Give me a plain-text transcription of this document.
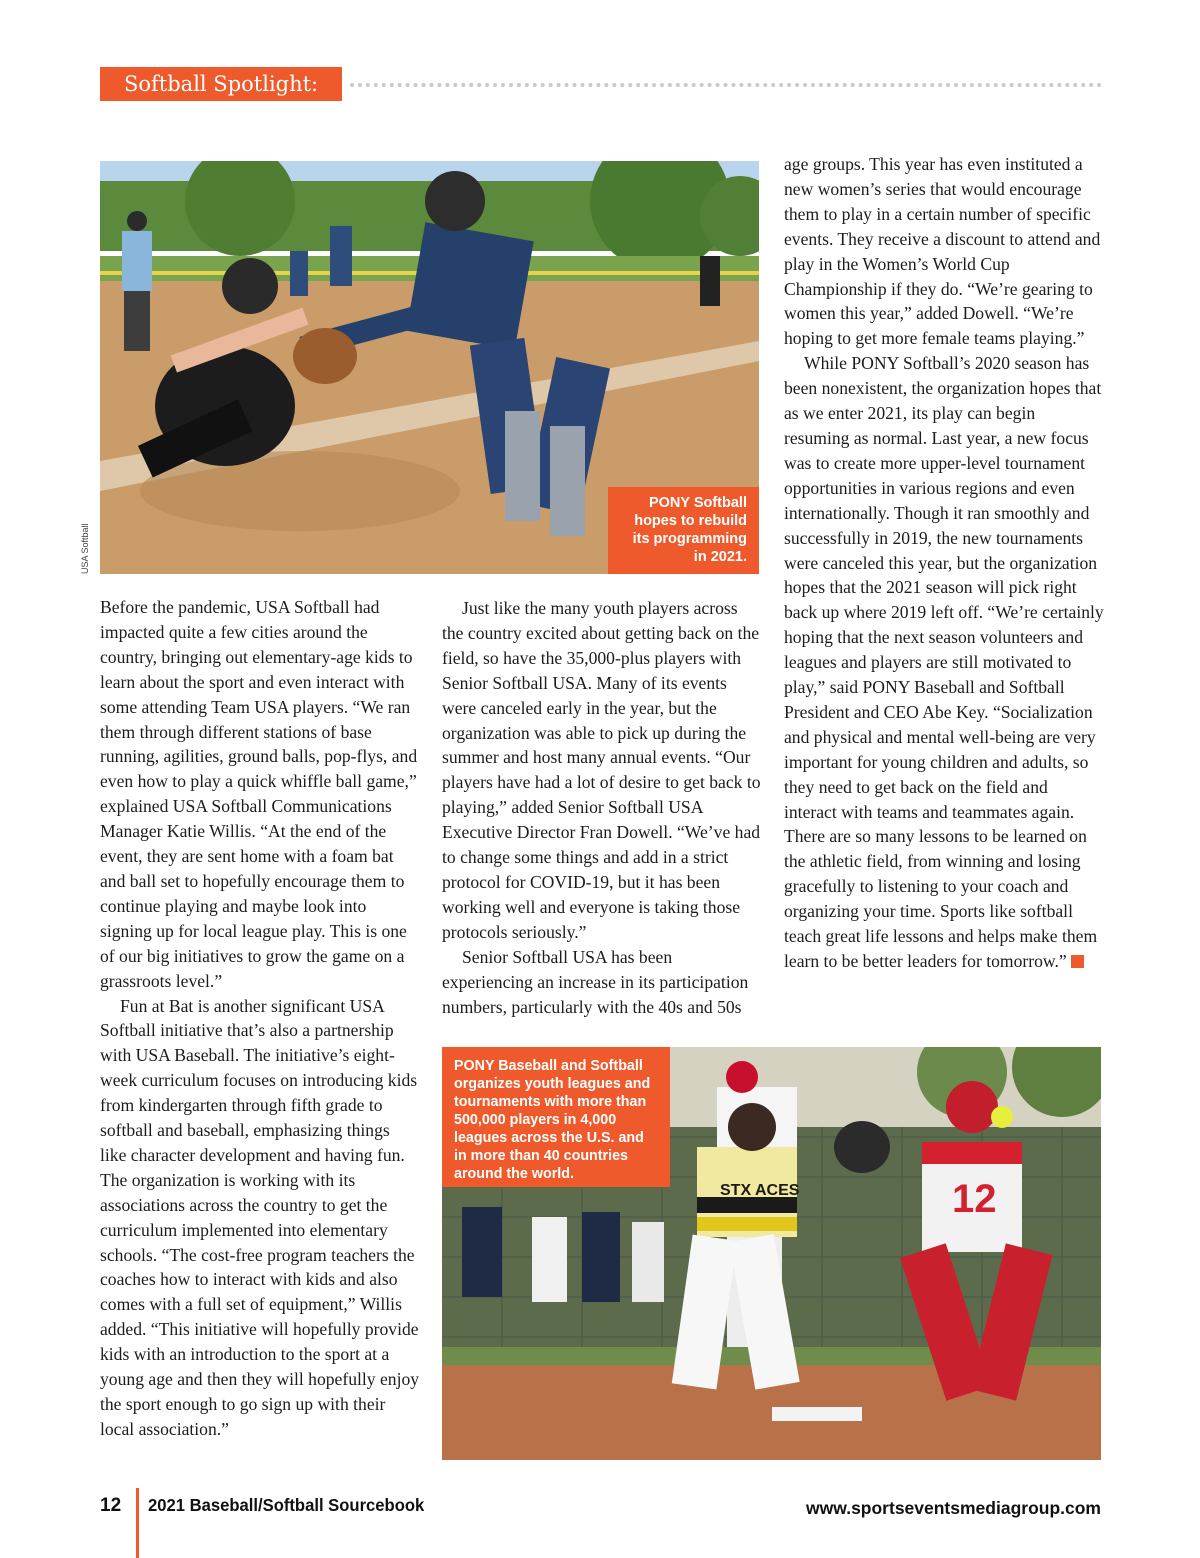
Softball Spotlight:
USA Softball
PONY Softball hopes to rebuild its programming in 2021.

Before the pandemic, USA Softball had impacted quite a few cities around the country, bringing out elementary-age kids to learn about the sport and even interact with some attending Team USA players. “We ran them through different stations of base running, agilities, ground balls, pop-flys, and even how to play a quick whiffle ball game,” explained USA Softball Communications Manager Katie Willis. “At the end of the event, they are sent home with a foam bat and ball set to hopefully encourage them to continue playing and maybe look into signing up for local league play. This is one of our big initiatives to grow the game on a grassroots level.”

Fun at Bat is another significant USA Softball initiative that’s also a partnership with USA Baseball. The initiative’s eight-week curriculum focuses on introducing kids from kindergarten through fifth grade to softball and baseball, emphasizing things like character development and having fun. The organization is working with its associations across the country to get the curriculum implemented into elementary schools. “The cost-free program teachers the coaches how to interact with kids and also comes with a full set of equipment,” Willis added. “This initiative will hopefully provide kids with an introduction to the sport at a young age and then they will hopefully enjoy the sport enough to go sign up with their local association.”

Just like the many youth players across the country excited about getting back on the field, so have the 35,000-plus players with Senior Softball USA. Many of its events were canceled early in the year, but the organization was able to pick up during the summer and host many annual events. “Our players have had a lot of desire to get back to playing,” added Senior Softball USA Executive Director Fran Dowell. “We’ve had to change some things and add in a strict protocol for COVID-19, but it has been working well and everyone is taking those protocols seriously.”

Senior Softball USA has been experiencing an increase in its participation numbers, particularly with the 40s and 50s

age groups. This year has even instituted a new women’s series that would encourage them to play in a certain number of specific events. They receive a discount to attend and play in the Women’s World Cup Championship if they do. “We’re gearing to women this year,” added Dowell. “We’re hoping to get more female teams playing.”

While PONY Softball’s 2020 season has been nonexistent, the organization hopes that as we enter 2021, its play can begin resuming as normal. Last year, a new focus was to create more upper-level tournament opportunities in various regions and even internationally. Though it ran smoothly and successfully in 2019, the new tournaments were canceled this year, but the organization hopes that the 2021 season will pick right back up where 2019 left off. “We’re certainly hoping that the next season volunteers and leagues and players are still motivated to play,” said PONY Baseball and Softball President and CEO Abe Key. “Socialization and physical and mental well-being are very important for young children and adults, so they need to get back on the field and interact with teams and teammates again. There are so many lessons to be learned on the athletic field, from winning and losing gracefully to listening to your coach and organizing your time. Sports like softball teach great life lessons and helps make them learn to be better leaders for tomorrow.”

STX ACES	12
PONY Baseball and Softball organizes youth leagues and tournaments with more than 500,000 players in 4,000 leagues across the U.S. and in more than 40 countries around the world.
12 2021 Baseball/Softball Sourcebook	www.sportseventsmediagroup.com
